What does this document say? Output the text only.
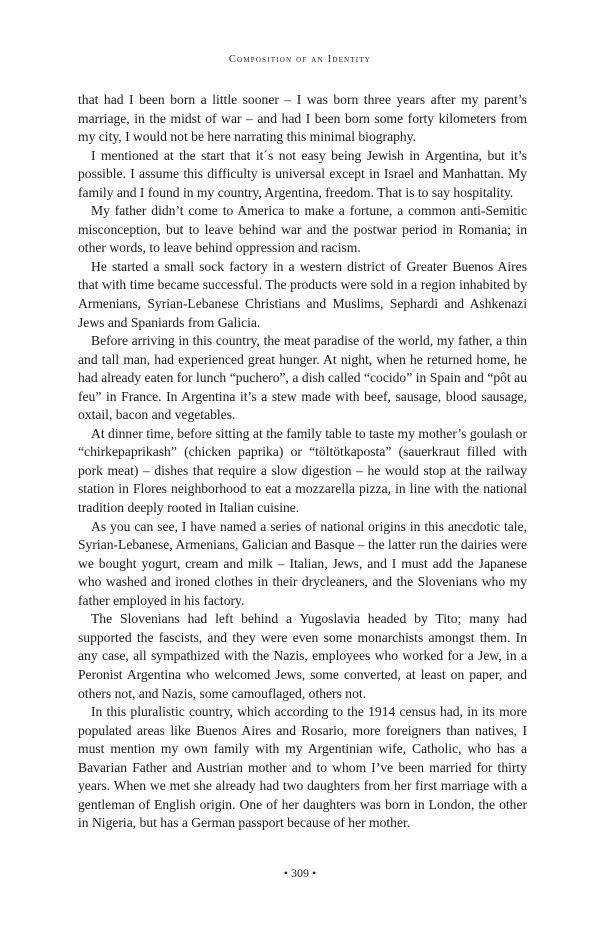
Composition of an Identity

that had I been born a little sooner – I was born three years after my parent’s marriage, in the midst of war – and had I been born some forty kilometers from my city, I would not be here narrating this minimal biography.

I mentioned at the start that it´s not easy being Jewish in Argentina, but it’s possible. I assume this difficulty is universal except in Israel and Manhattan. My family and I found in my country, Argentina, freedom. That is to say hospitality.

My father didn’t come to America to make a fortune, a common anti-Semitic misconception, but to leave behind war and the postwar period in Romania; in other words, to leave behind oppression and racism.

He started a small sock factory in a western district of Greater Buenos Aires that with time became successful. The products were sold in a region inhabited by Armenians, Syrian-Lebanese Christians and Muslims, Sephardi and Ashkenazi Jews and Spaniards from Galicia.

Before arriving in this country, the meat paradise of the world, my father, a thin and tall man, had experienced great hunger. At night, when he returned home, he had already eaten for lunch “puchero”, a dish called “cocido” in Spain and “pôt au feu” in France. In Argentina it’s a stew made with beef, sausage, blood sausage, oxtail, bacon and vegetables.

At dinner time, before sitting at the family table to taste my mother’s goulash or “chirkepaprikash” (chicken paprika) or “töltötkaposta” (sauerkraut filled with pork meat) – dishes that require a slow digestion – he would stop at the railway station in Flores neighborhood to eat a mozzarella pizza, in line with the national tradition deeply rooted in Italian cuisine.

As you can see, I have named a series of national origins in this anecdotic tale, Syrian-Lebanese, Armenians, Galician and Basque – the latter run the dairies were we bought yogurt, cream and milk – Italian, Jews, and I must add the Japanese who washed and ironed clothes in their drycleaners, and the Slovenians who my father employed in his factory.

The Slovenians had left behind a Yugoslavia headed by Tito; many had supported the fascists, and they were even some monarchists amongst them. In any case, all sympathized with the Nazis, employees who worked for a Jew, in a Peronist Argentina who welcomed Jews, some converted, at least on paper, and others not, and Nazis, some camouflaged, others not.

In this pluralistic country, which according to the 1914 census had, in its more populated areas like Buenos Aires and Rosario, more foreigners than natives, I must mention my own family with my Argentinian wife, Catholic, who has a Bavarian Father and Austrian mother and to whom I’ve been married for thirty years. When we met she already had two daughters from her first marriage with a gentleman of English origin. One of her daughters was born in London, the other in Nigeria, but has a German passport because of her mother.

• 309 •
